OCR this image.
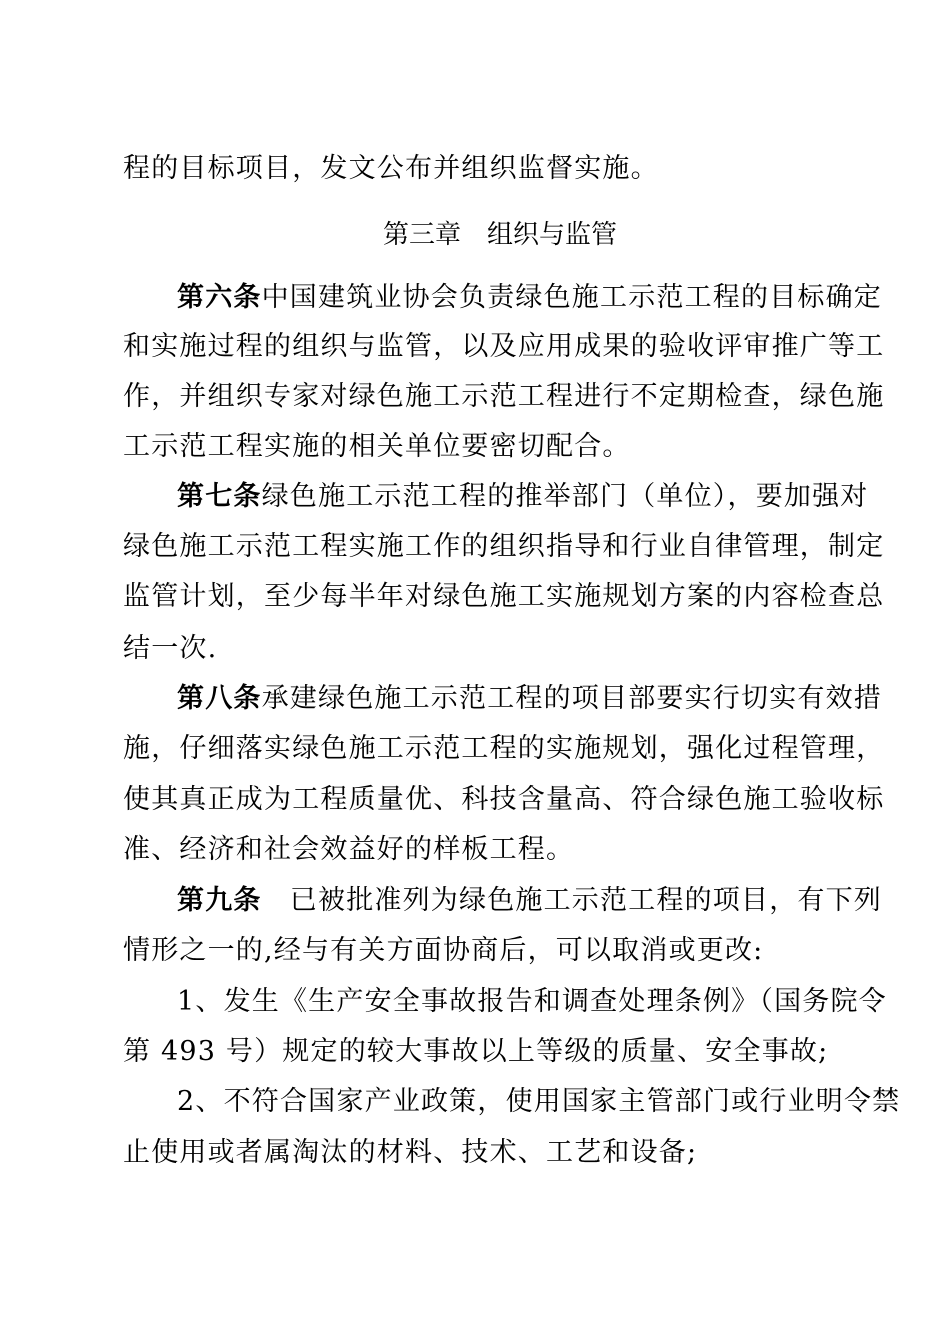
程的目标项目，发文公布并组织监督实施。
第三章　组织与监管
第六条中国建筑业协会负责绿色施工示范工程的目标确定
和实施过程的组织与监管，以及应用成果的验收评审推广等工
作，并组织专家对绿色施工示范工程进行不定期检查，绿色施
工示范工程实施的相关单位要密切配合。
第七条绿色施工示范工程的推举部门（单位），要加强对
绿色施工示范工程实施工作的组织指导和行业自律管理，制定
监管计划，至少每半年对绿色施工实施规划方案的内容检查总
结一次.
第八条承建绿色施工示范工程的项目部要实行切实有效措
施，仔细落实绿色施工示范工程的实施规划，强化过程管理，
使其真正成为工程质量优、科技含量高、符合绿色施工验收标
准、经济和社会效益好的样板工程。
第九条　已被批准列为绿色施工示范工程的项目，有下列
情形之一的,经与有关方面协商后，可以取消或更改:
1、发生《生产安全事故报告和调查处理条例》（国务院令
第 493 号）规定的较大事故以上等级的质量、安全事故;
2、不符合国家产业政策，使用国家主管部门或行业明令禁
止使用或者属淘汰的材料、技术、工艺和设备;
